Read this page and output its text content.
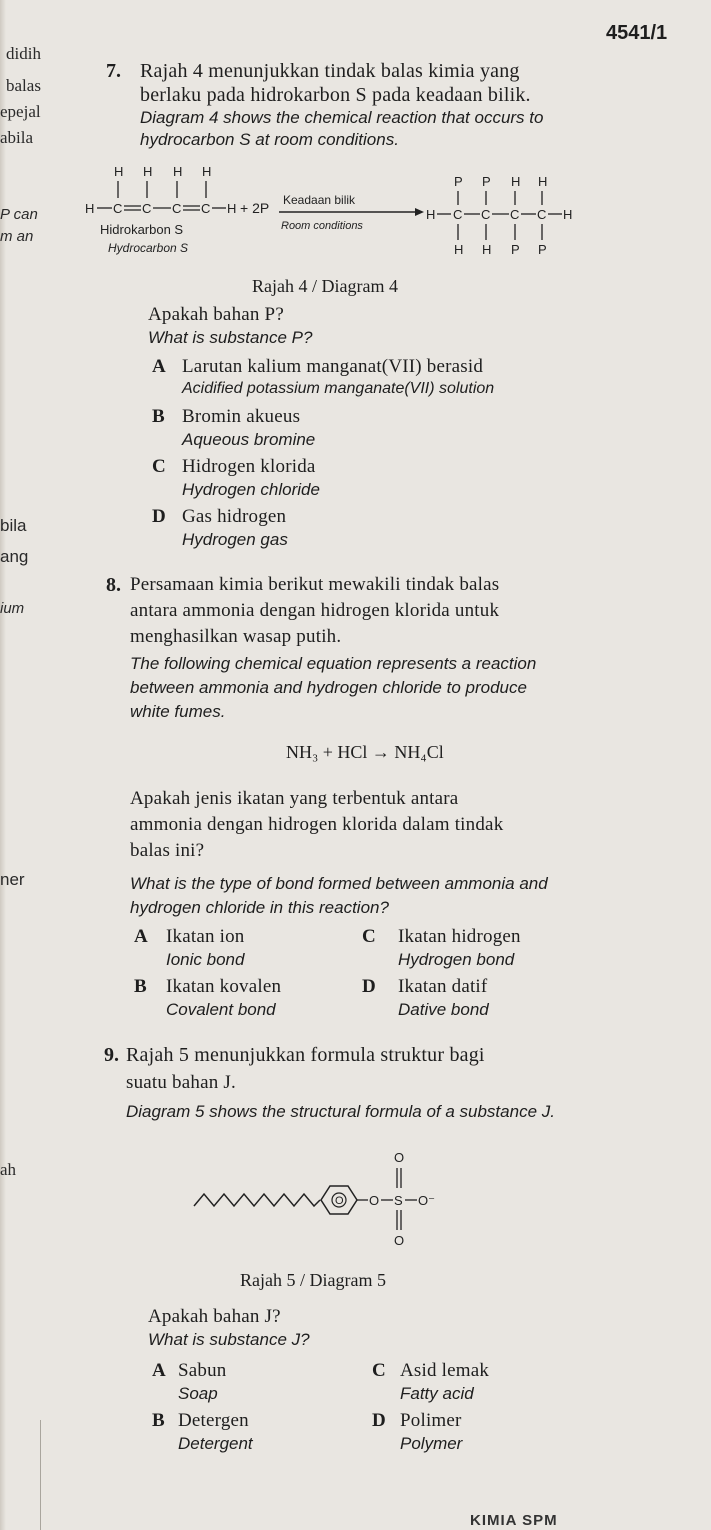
4541/1
didih
balas
epejal
abila
P can
m an
bila
ang
ium
ner
ah
7. Rajah 4 menunjukkan tindak balas kimia yang
berlaku pada hidrokarbon S pada keadaan bilik.
Diagram 4 shows the chemical reaction that occurs to
hydrocarbon S at room conditions.
H H H H
H C C C C H + 2P
Hidrokarbon S
Hydrocarbon S
Keadaan bilik
Room conditions
P P H H
H C C C C H
H H P P
Rajah 4 / Diagram 4
Apakah bahan P?
What is substance P?
A Larutan kalium manganat(VII) berasid
Acidified potassium manganate(VII) solution
B Bromin akueus
Aqueous bromine
C Hidrogen klorida
Hydrogen chloride
D Gas hidrogen
Hydrogen gas
8. Persamaan kimia berikut mewakili tindak balas
antara ammonia dengan hidrogen klorida untuk
menghasilkan wasap putih.
The following chemical equation represents a reaction
between ammonia and hydrogen chloride to produce
white fumes.
NH₃ + HCl → NH₄Cl
Apakah jenis ikatan yang terbentuk antara
ammonia dengan hidrogen klorida dalam tindak
balas ini?
What is the type of bond formed between ammonia and
hydrogen chloride in this reaction?
A Ikatan ion
Ionic bond
C Ikatan hidrogen
Hydrogen bond
B Ikatan kovalen
Covalent bond
D Ikatan datif
Dative bond
9. Rajah 5 menunjukkan formula struktur bagi
suatu bahan J.
Diagram 5 shows the structural formula of a substance J.
O O S O⁻
O
O
Rajah 5 / Diagram 5
Apakah bahan J?
What is substance J?
A Sabun
Soap
C Asid lemak
Fatty acid
B Detergen
Detergent
D Polimer
Polymer
KIMIA SPM
